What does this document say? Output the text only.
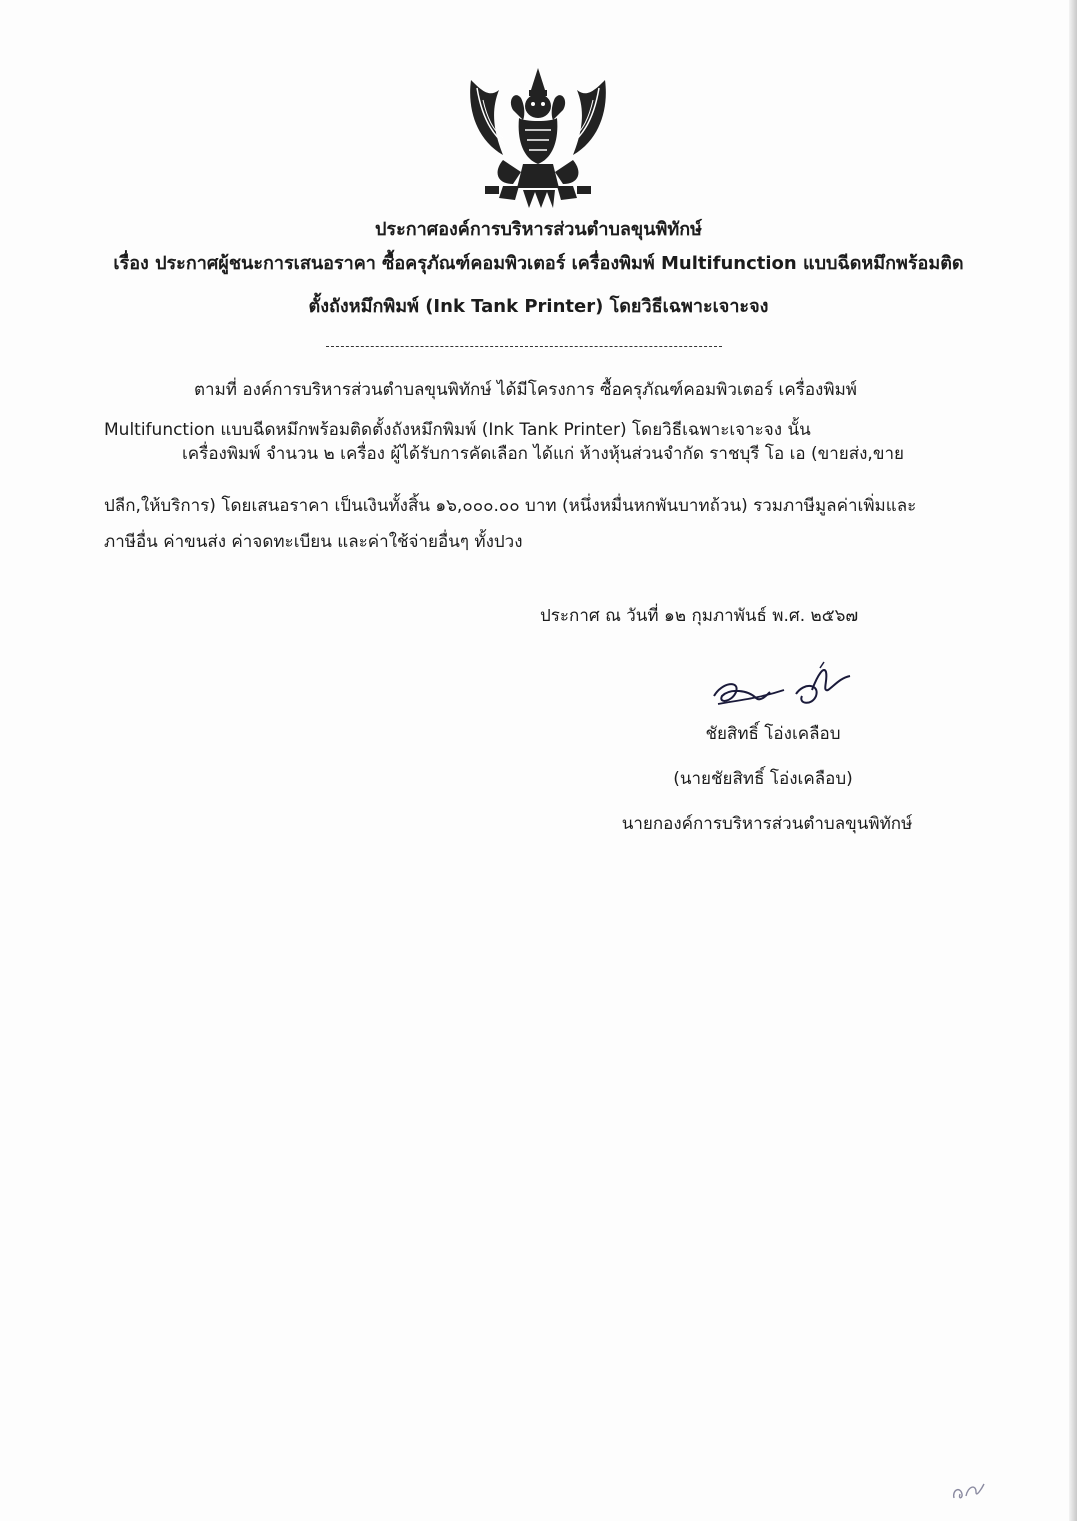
ประกาศองค์การบริหารส่วนตำบลขุนพิทักษ์
เรื่อง ประกาศผู้ชนะการเสนอราคา ซื้อครุภัณฑ์คอมพิวเตอร์ เครื่องพิมพ์ Multifunction แบบฉีดหมึกพร้อมติด
ตั้งถังหมึกพิมพ์ (Ink Tank Printer) โดยวิธีเฉพาะเจาะจง
ตามที่ องค์การบริหารส่วนตำบลขุนพิทักษ์ ได้มีโครงการ ซื้อครุภัณฑ์คอมพิวเตอร์ เครื่องพิมพ์
Multifunction แบบฉีดหมึกพร้อมติดตั้งถังหมึกพิมพ์ (Ink Tank Printer) โดยวิธีเฉพาะเจาะจง นั้น
เครื่องพิมพ์ จำนวน ๒ เครื่อง ผู้ได้รับการคัดเลือก ได้แก่ ห้างหุ้นส่วนจำกัด ราชบุรี โอ เอ (ขายส่ง,ขาย
ปลีก,ให้บริการ) โดยเสนอราคา เป็นเงินทั้งสิ้น ๑๖,๐๐๐.๐๐ บาท (หนึ่งหมื่นหกพันบาทถ้วน) รวมภาษีมูลค่าเพิ่มและ
ภาษีอื่น ค่าขนส่ง ค่าจดทะเบียน และค่าใช้จ่ายอื่นๆ ทั้งปวง
ประกาศ ณ วันที่ ๑๒ กุมภาพันธ์ พ.ศ. ๒๕๖๗
ชัยสิทธิ์ โอ่งเคลือบ
(นายชัยสิทธิ์ โอ่งเคลือบ)
นายกองค์การบริหารส่วนตำบลขุนพิทักษ์
